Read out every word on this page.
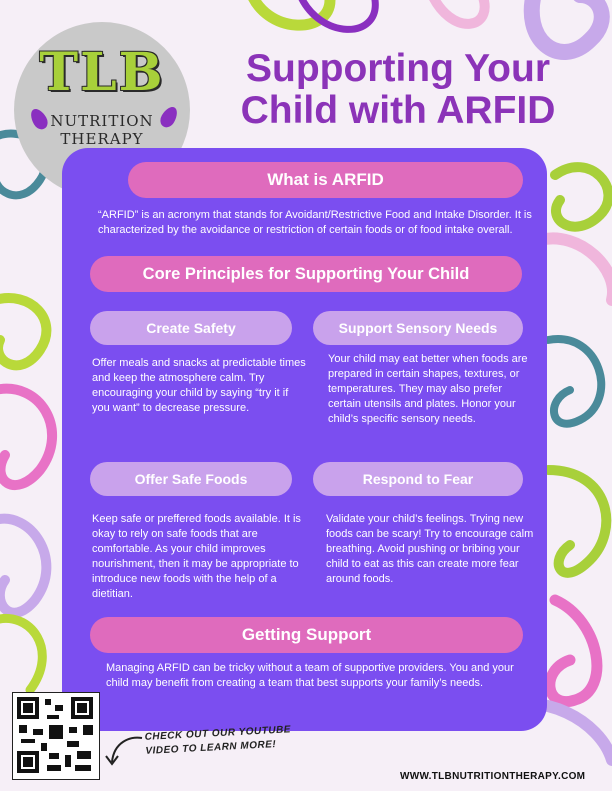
TLB
NUTRITION
THERAPY
Supporting Your
Child with ARFID
What is ARFID
“ARFID” is an acronym that stands for Avoidant/Restrictive Food and Intake Disorder. It is characterized by the avoidance or restriction of certain foods or of food intake overall.
Core Principles for Supporting Your Child
Create Safety
Offer meals and snacks at predictable times and keep the atmosphere calm. Try encouraging your child by saying “try it if you want” to decrease pressure.
Support Sensory Needs
Your child may eat better when foods are prepared in certain shapes, textures, or temperatures. They may also prefer certain utensils and plates. Honor your child’s specific sensory needs.
Offer Safe Foods
Keep safe or preffered foods available. It is okay to rely on safe foods that are comfortable. As your child improves nourishment, then it may be appropriate to introduce new foods with the help of a dietitian.
Respond to Fear
Validate your child’s feelings. Trying new foods can be scary! Try to encourage calm breathing. Avoid pushing or bribing your child to eat as this can create more fear around foods.
Getting Support
Managing ARFID can be tricky without a team of supportive providers. You and your child may benefit from creating a team that best supports your family’s needs.
CHECK OUT OUR YOUTUBE
VIDEO TO LEARN MORE!
WWW.TLBNUTRITIONTHERAPY.COM
